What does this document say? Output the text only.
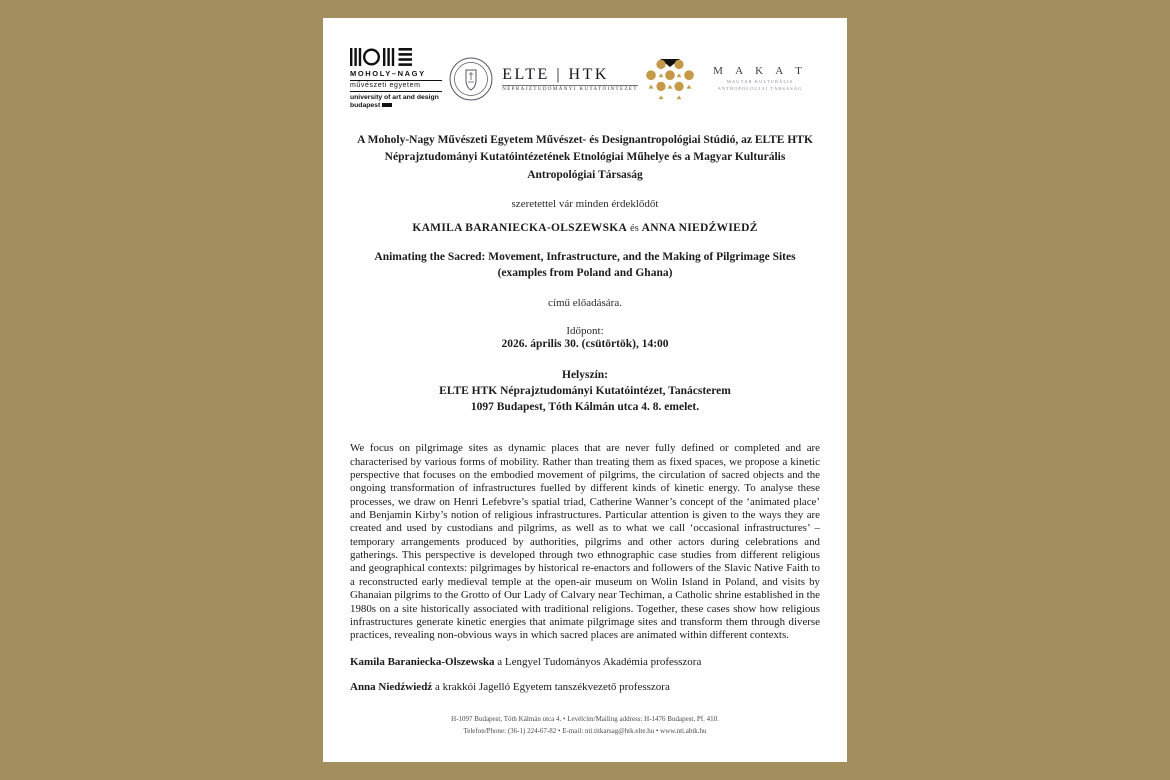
MOHOLY–NAGY
művészeti egyetem
university of art and design budapest
ELTE | HTK
NÉPRAJZTUDOMÁNYI KUTATÓINTÉZET
M A K A T
MAGYAR KULTURÁLIS
ANTROPOLÓGIAI TÁRSASÁG
A Moholy-Nagy Művészeti Egyetem Művészet- és Designantropológiai Stúdió, az ELTE HTK
Néprajztudományi Kutatóintézetének Etnológiai Műhelye és a Magyar Kulturális
Antropológiai Társaság
szeretettel vár minden érdeklődőt
KAMILA BARANIECKA-OLSZEWSKA és ANNA NIEDŹWIEDŹ
Animating the Sacred: Movement, Infrastructure, and the Making of Pilgrimage Sites
(examples from Poland and Ghana)
című előadására.
Időpont:
2026. április 30. (csütörtök), 14:00
Helyszín:
ELTE HTK Néprajztudományi Kutatóintézet, Tanácsterem
1097 Budapest, Tóth Kálmán utca 4. 8. emelet.
We focus on pilgrimage sites as dynamic places that are never fully defined or completed and are characterised by various forms of mobility. Rather than treating them as fixed spaces, we propose a kinetic perspective that focuses on the embodied movement of pilgrims, the circulation of sacred objects and the ongoing transformation of infrastructures fuelled by different kinds of kinetic energy. To analyse these processes, we draw on Henri Lefebvre’s spatial triad, Catherine Wanner’s concept of the ‘animated place’ and Benjamin Kirby’s notion of religious infrastructures. Particular attention is given to the ways they are created and used by custodians and pilgrims, as well as to what we call ‘occasional infrastructures’ – temporary arrangements produced by authorities, pilgrims and other actors during celebrations and gatherings. This perspective is developed through two ethnographic case studies from different religious and geographical contexts: pilgrimages by historical re-enactors and followers of the Slavic Native Faith to a reconstructed early medieval temple at the open-air museum on Wolin Island in Poland, and visits by Ghanaian pilgrims to the Grotto of Our Lady of Calvary near Techiman, a Catholic shrine established in the 1980s on a site historically associated with traditional religions. Together, these cases show how religious infrastructures generate kinetic energies that animate pilgrimage sites and transform them through diverse practices, revealing non-obvious ways in which sacred places are animated within different contexts.
Kamila Baraniecka-Olszewska a Lengyel Tudományos Akadémia professzora
Anna Niedźwiedź a krakkói Jagelló Egyetem tanszékvezető professzora
H-1097 Budapest, Tóth Kálmán utca 4. • Levélcím/Mailing address: H-1476 Budapest, Pf. 410.
Telefon/Phone: (36-1) 224-67-82 • E-mail: nti.titkarsag@htk.elte.hu • www.nti.abtk.hu
